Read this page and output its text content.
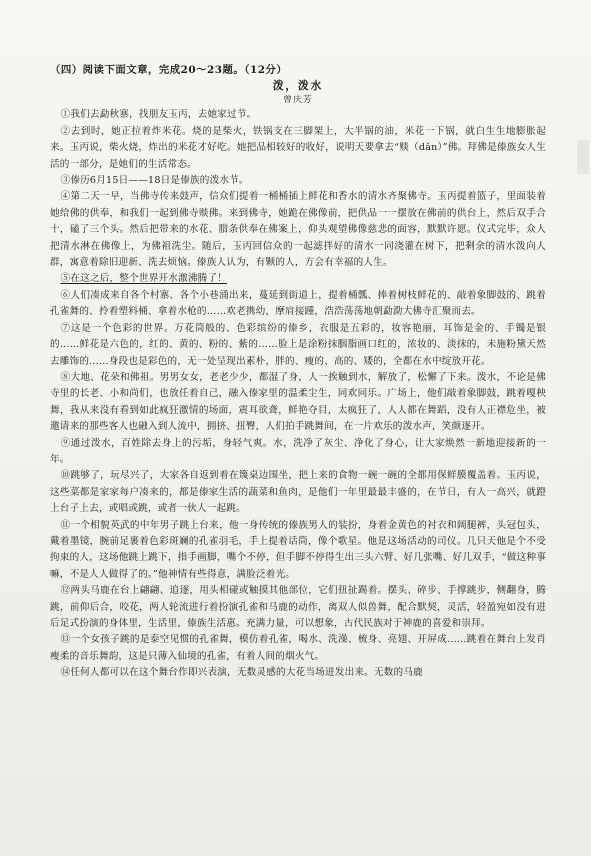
（四）阅读下面文章，完成20～23题。（12分）
泼，泼水
曾庆芳

①我们去勐秋寨，找朋友玉丙，去她家过节。

②去到时，她正拉着炸米花。烧的是柴火，铁锅支在三脚架上，大半锅的油，米花一下锅，就白生生地膨胀起来。玉丙说，柴火烧，炸出的米花才好吃。她把品相较好的收好，说明天要拿去“赕（dǎn）”佛。拜佛是傣族女人生活的一部分，是她们的生活常态。

③傣历6月15日——18日是傣族的泼水节。

④第二天一早，当佛寺传来鼓声，信众们提着一桶桶插上鲜花和香水的清水齐聚佛寺。玉丙提着篮子，里面装着她给佛的供奉，和我们一起到佛寺赕佛。来到佛寺，她跪在佛像前，把供品一一摆放在佛前的供台上，然后双手合十，磕了三个头。然后把带来的水花、腊条供奉在佛案上，仰头观望佛像慈悲的面容，默默许愿。仪式完毕，众人把清水淋在佛像上，为佛祖洗尘。随后，玉丙回信众的一起滤拌好的清水一同浇灌在树下，把剩余的清水泼向人群，寓意着除旧迎新、洗去烦恼。傣族人认为，有颗的人，方会有幸福的人生。

⑤在这之后，整个世界开水激沸腾了！

⑥人们凑成来自各个村寨、各个小巷涌出来，蔓延到街道上，提着桶瓢、捧着树枝鲜花的、敲着象脚鼓的、跳着孔雀舞的、拎着塑料桶、拿着水枪的……欢老携幼，摩肩接踵，浩浩荡荡地朝勐泐大佛寺汇聚而去。

⑦这是一个色彩的世界。万花筒般的、色彩缤纷的傣乡，衣服是五彩的，妆容艳丽，耳饰是金的、手镯是银的……鲜花是六色的，红的、黄的、粉的、紫的……脸上是涂粉抹胭脂画口红的，浓妆的、淡抹的，未施粉黛天然去雕饰的……身段也是彩色的，无一处呈现出素朴，胖的、瘦的、高的、矮的，全都在水中绽放开花。

⑧大地、花朵和佛祖。男男女女，老老少少，都湿了身，人一挨触到水，解放了，松懈了下来。泼水，不论是佛寺里的长老、小和尚们，也放任着自己，融入傣家里的温柔尘生，同欢同乐。广场上，他们敲着象脚鼓，跳着嘎秧舞，我从来没有看到如此疯狂激情的场面，震耳欲聋，鲜艳夺目，太疯狂了，人人都在舞蹈，没有人正襟危坐，被邀请来的那些客人也融入到人流中，拥挤、扭臀，人们拍手跳舞间，在一片欢乐的泼水声，笑颜逐开。

⑨通过泼水，百姓除去身上的污垢，身轻气爽。水，洗净了灰尘、净化了身心，让大家焕然一新地迎接新的一年。

⑩跳够了，玩尽兴了，大家各自返到着在篾桌边围坐，把上来的食物一碗一碗的全都用保鲜膜覆盖着。玉丙说，这些菜都是家家每户凑来的，都是傣家生活的蔬菜和鱼肉，是他们一年里最最丰盛的，在节日，有人一高兴，就蹬上台子上去，或唱或跳，或者一伙人一起跳。

⑪一个相貌英武的中年男子跳上台来，他一身传统的傣族男人的装扮，身着金黄色的衬衣和阔腿裤，头冠包头，戴着墨镜，腕前足裹着色彩斑斓的孔雀羽毛，手上提着话筒，像个歌星。他是这场活动的司仪。几只天他是个不受拘束的人，这场他跳上跳下，指手画脚，嘴个不停，但手脚不停得生出三头六臂、好几张嘴、好几双手，“做这种事嘛，不是人人做得了的。”他神情有些得意，满脸泛着光。

⑫两头马鹿在台上翩翩、追逐，用头相碰或触摸其他部位，它们扭扯踢着。摆头、碎步、手撑跳步，侧翻身，腾跳，前仰后合，咬花，两人轮流进行着扮演孔雀和马鹿的动作，离双人似兽舞，配合默契，灵活，轻盈宛如没有进后足式扮演的身体里，生活里，傣族生活惠。充满力量，可以想象，古代民族对于神鹿的喜爱和崇拜。

⑬一个女孩子跳的是泰空见惯的孔雀舞，模仿着孔雀，喝水、洗澡、梳身、亮翅、开屏成……跳着在舞台上发肖瘦柔的音乐舞韵，这是只薄入仙境的孔雀，有着人间的烟火气。

⑭任何人都可以在这个舞台作即兴表演，无数灵感的大花当场迸发出来。无数的马鹿
